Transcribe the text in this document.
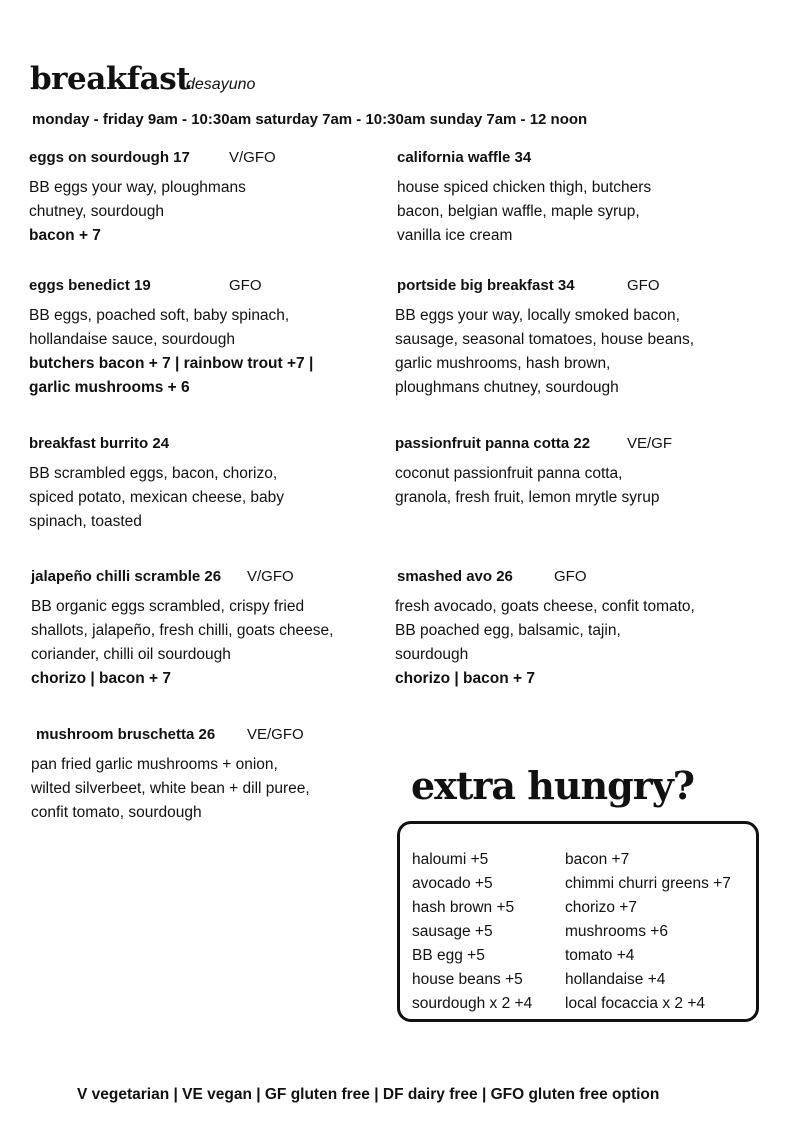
breakfast
desayuno
monday - friday 9am - 10:30am saturday 7am - 10:30am sunday 7am - 12 noon
eggs on sourdough 17	V/GFO
BB eggs your way, ploughmans
chutney, sourdough
bacon + 7
california waffle 34
house spiced chicken thigh, butchers
bacon, belgian waffle, maple syrup,
vanilla ice cream
eggs benedict 19	GFO
BB eggs, poached soft, baby spinach,
hollandaise sauce, sourdough
butchers bacon + 7 | rainbow trout +7 |
garlic mushrooms + 6
portside big breakfast 34	GFO
BB eggs your way, locally smoked bacon,
sausage, seasonal tomatoes, house beans,
garlic mushrooms, hash brown,
ploughmans chutney, sourdough
breakfast burrito 24
BB scrambled eggs, bacon, chorizo,
spiced potato, mexican cheese, baby
spinach, toasted
passionfruit panna cotta 22 VE/GF
coconut passionfruit panna cotta,
granola, fresh fruit, lemon mrytle syrup
jalapeño chilli scramble 26 V/GFO
BB organic eggs scrambled, crispy fried
shallots, jalapeño, fresh chilli, goats cheese,
coriander, chilli oil sourdough
chorizo | bacon + 7
smashed avo 26	GFO
fresh avocado, goats cheese, confit tomato,
BB poached egg, balsamic, tajin,
sourdough
chorizo | bacon + 7
mushroom bruschetta 26 VE/GFO
pan fried garlic mushrooms + onion,
wilted silverbeet, white bean + dill puree,
confit tomato, sourdough
extra hungry?
haloumi +5
avocado +5
hash brown +5
sausage +5
BB egg +5
house beans +5
sourdough x 2 +4
bacon +7
chimmi churri greens +7
chorizo +7
mushrooms +6
tomato +4
hollandaise +4
local focaccia x 2 +4
V vegetarian | VE vegan | GF gluten free | DF dairy free | GFO gluten free option
